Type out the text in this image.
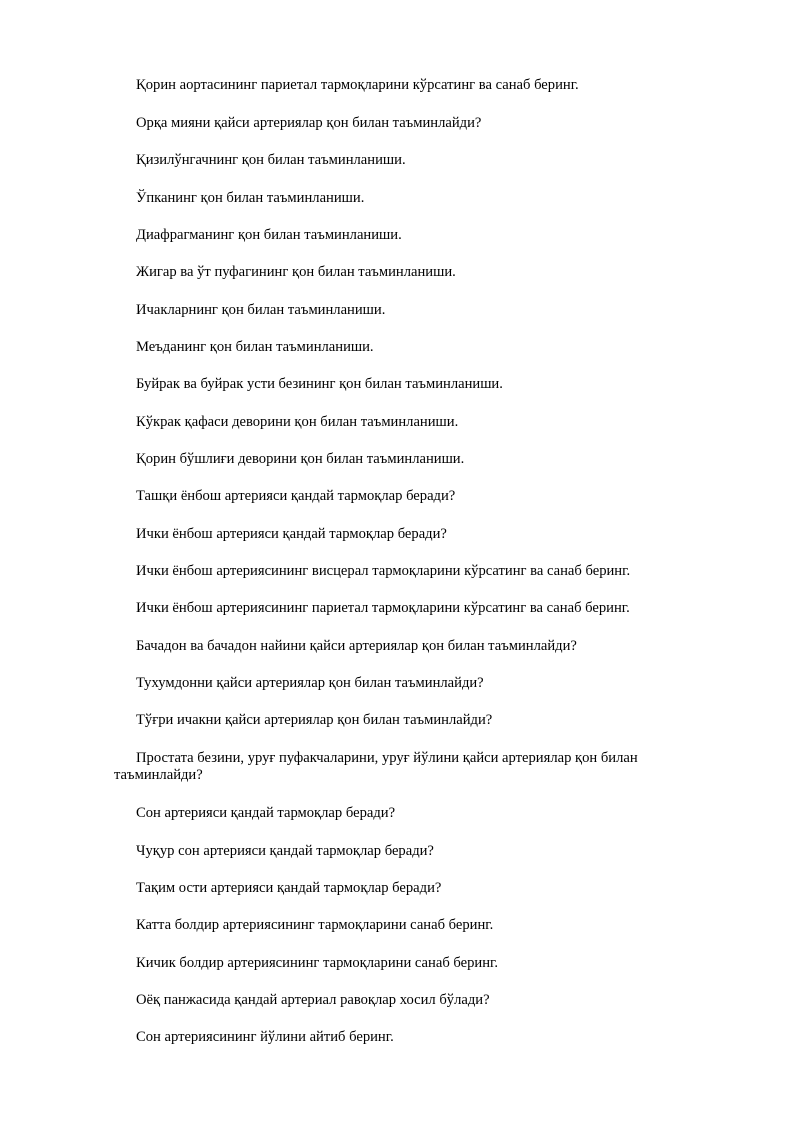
Қорин аортасининг париетал тармоқларини кўрсатинг ва санаб беринг.

Орқа мияни қайси артериялар қон билан таъминлайди?

Қизилўнгачнинг қон билан таъминланиши.

Ўпканинг қон билан таъминланиши.

Диафрагманинг қон билан таъминланиши.

Жигар ва ўт пуфагининг қон билан таъминланиши.

Ичакларнинг қон билан таъминланиши.

Меъданинг қон билан таъминланиши.

Буйрак ва буйрак усти безининг қон билан таъминланиши.

Кўкрак қафаси деворини қон билан таъминланиши.

Қорин бўшлиғи деворини қон билан таъминланиши.

Ташқи ёнбош артерияси қандай тармоқлар беради?

Ички ёнбош артерияси қандай тармоқлар беради?

Ички ёнбош артериясининг висцерал тармоқларини кўрсатинг ва санаб беринг.

Ички ёнбош артериясининг париетал тармоқларини кўрсатинг ва санаб беринг.

Бачадон ва бачадон найини қайси артериялар қон билан таъминлайди?

Тухумдонни қайси артериялар қон билан таъминлайди?

Тўғри ичакни қайси артериялар қон билан таъминлайди?

Простата безини, уруғ пуфакчаларини, уруғ йўлини қайси артериялар қон билан таъминлайди?

Сон артерияси қандай тармоқлар беради?

Чуқур сон артерияси қандай тармоқлар беради?

Тақим ости артерияси қандай тармоқлар беради?

Катта болдир артериясининг тармоқларини санаб беринг.

Кичик болдир артериясининг тармоқларини санаб беринг.

Оёқ панжасида қандай артериал равоқлар хосил бўлади?

Сон артериясининг йўлини айтиб беринг.
